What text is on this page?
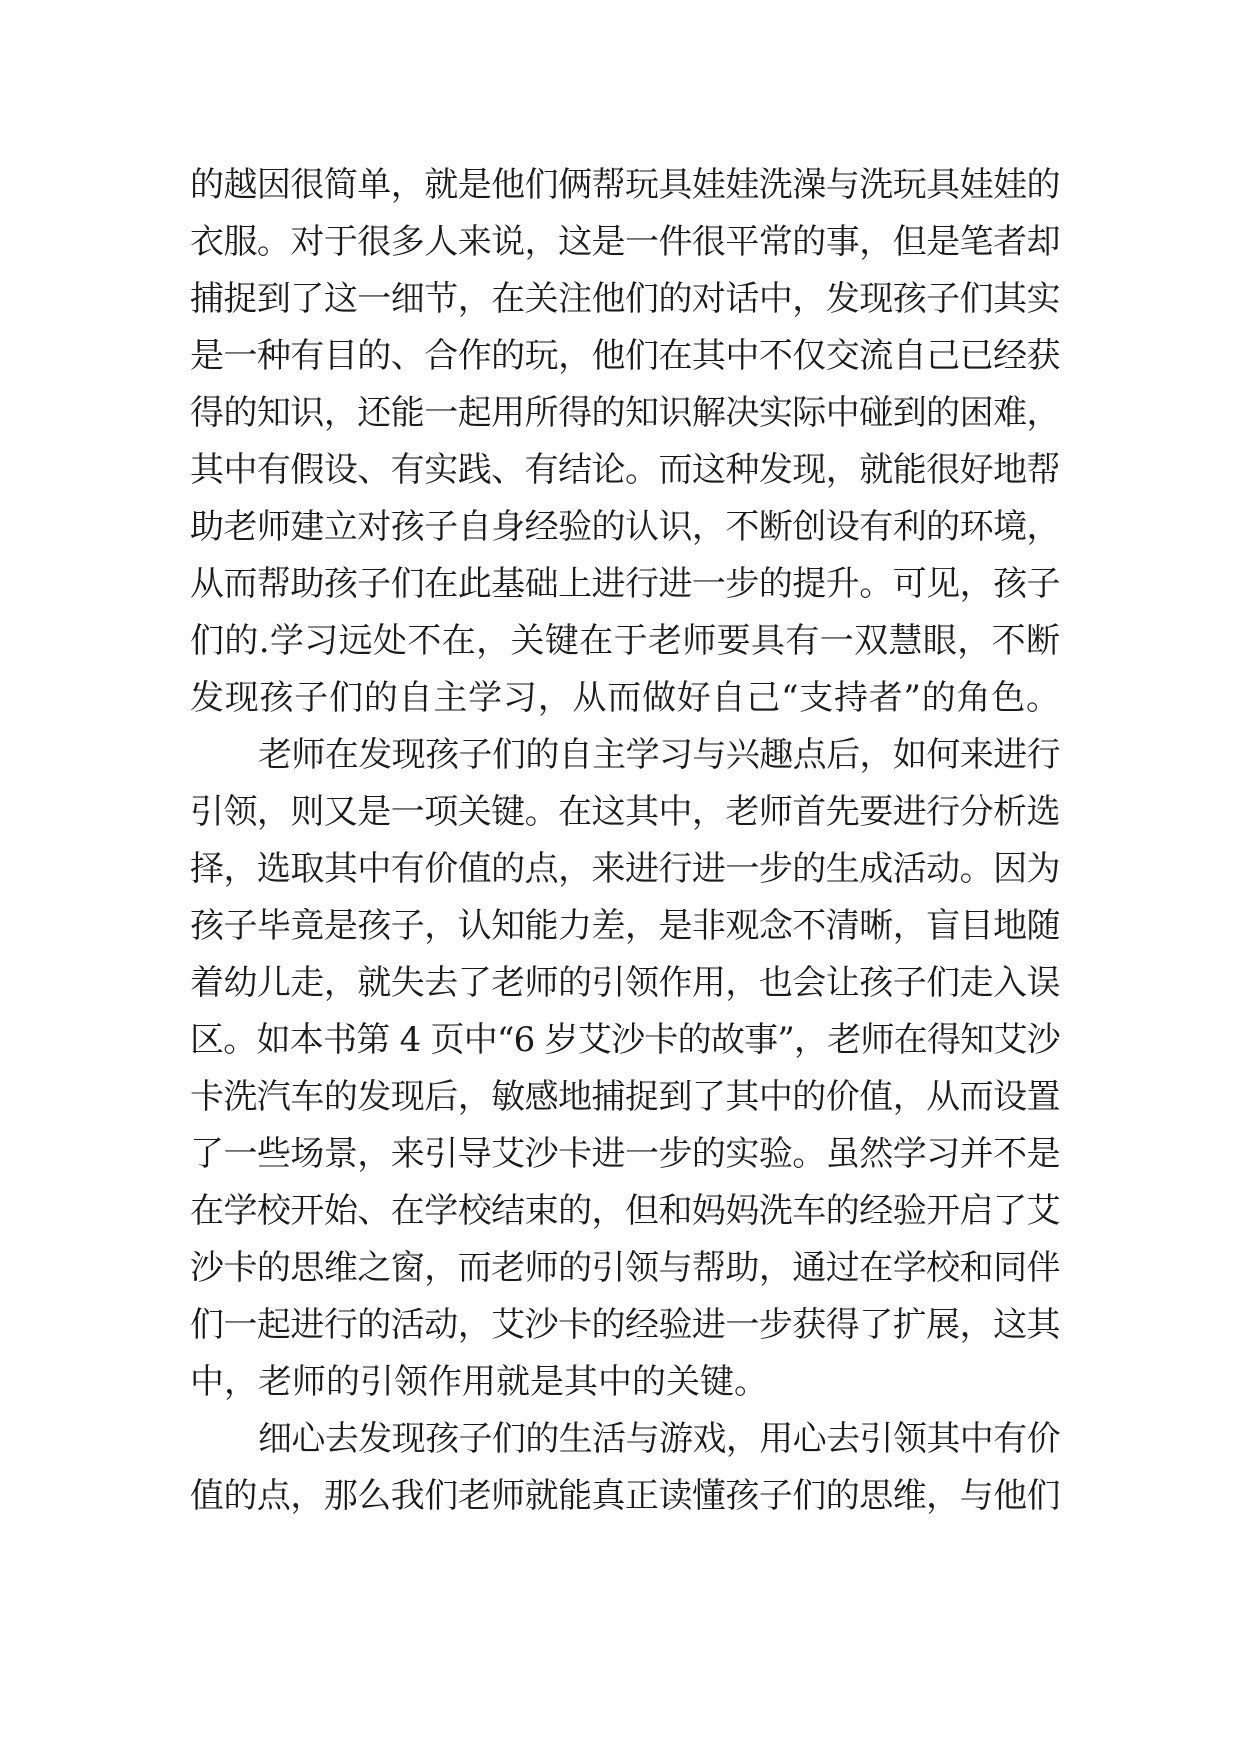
的越因很简单，就是他们俩帮玩具娃娃洗澡与洗玩具娃娃的
衣服。对于很多人来说，这是一件很平常的事，但是笔者却
捕捉到了这一细节，在关注他们的对话中，发现孩子们其实
是一种有目的、合作的玩，他们在其中不仅交流自己已经获
得的知识，还能一起用所得的知识解决实际中碰到的困难，
其中有假设、有实践、有结论。而这种发现，就能很好地帮
助老师建立对孩子自身经验的认识，不断创设有利的环境，
从而帮助孩子们在此基础上进行进一步的提升。可见，孩子
们的.学习远处不在，关键在于老师要具有一双慧眼，不断
发现孩子们的自主学习，从而做好自己“支持者”的角色。
老师在发现孩子们的自主学习与兴趣点后，如何来进行
引领，则又是一项关键。在这其中，老师首先要进行分析选
择，选取其中有价值的点，来进行进一步的生成活动。因为
孩子毕竟是孩子，认知能力差，是非观念不清晰，盲目地随
着幼儿走，就失去了老师的引领作用，也会让孩子们走入误
区。如本书第 4 页中“6 岁艾沙卡的故事”，老师在得知艾沙
卡洗汽车的发现后，敏感地捕捉到了其中的价值，从而设置
了一些场景，来引导艾沙卡进一步的实验。虽然学习并不是
在学校开始、在学校结束的，但和妈妈洗车的经验开启了艾
沙卡的思维之窗，而老师的引领与帮助，通过在学校和同伴
们一起进行的活动，艾沙卡的经验进一步获得了扩展，这其
中，老师的引领作用就是其中的关键。
细心去发现孩子们的生活与游戏，用心去引领其中有价
值的点，那么我们老师就能真正读懂孩子们的思维，与他们
